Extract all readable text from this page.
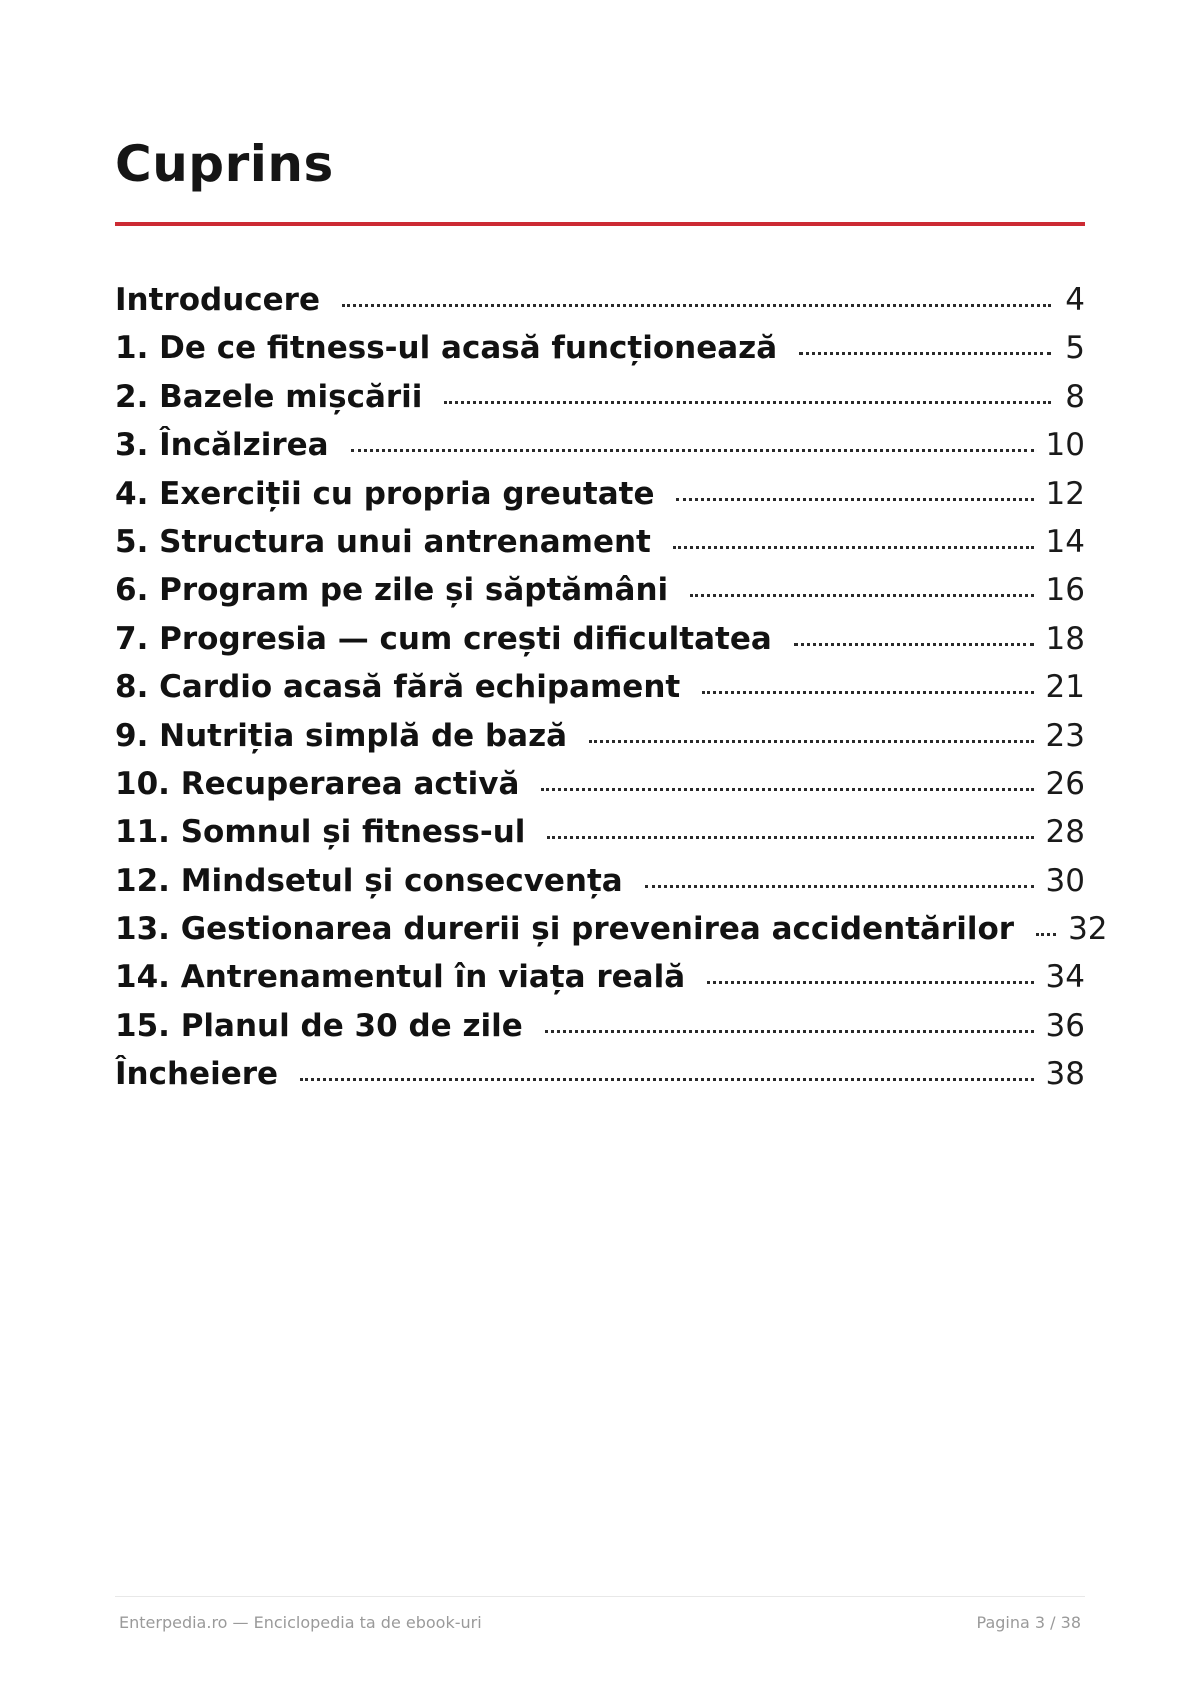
Cuprins
Introducere	4
1. De ce fitness-ul acasă funcționează	5
2. Bazele mișcării	8
3. Încălzirea	10
4. Exerciții cu propria greutate	12
5. Structura unui antrenament	14
6. Program pe zile și săptămâni	16
7. Progresia — cum crești dificultatea	18
8. Cardio acasă fără echipament	21
9. Nutriția simplă de bază	23
10. Recuperarea activă	26
11. Somnul și fitness-ul	28
12. Mindsetul și consecvența	30
13. Gestionarea durerii și prevenirea accidentărilor 32
14. Antrenamentul în viața reală	34
15. Planul de 30 de zile	36
Încheiere	38
Enterpedia.ro — Enciclopedia ta de ebook-uri	Pagina 3 / 38
